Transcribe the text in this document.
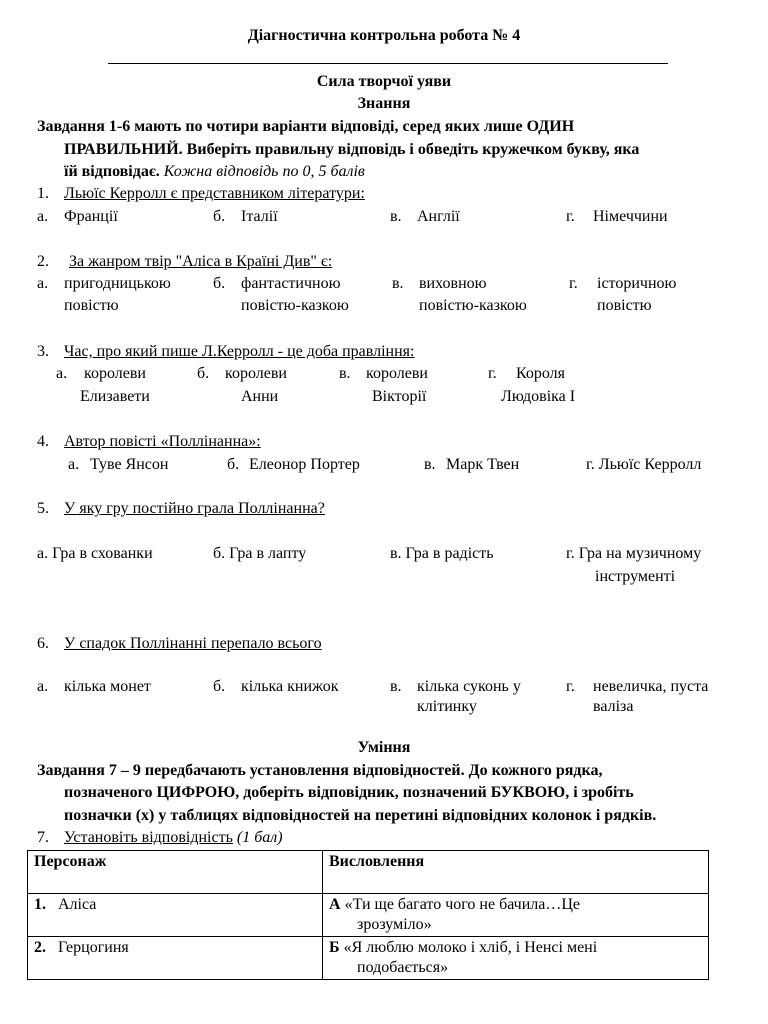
Діагностична контрольна робота № 4
Сила творчої уяви
Знання
Завдання 1-6 мають по чотири варіанти відповіді, серед яких лише ОДИН
ПРАВИЛЬНИЙ. Виберіть правильну відповідь і обведіть кружечком букву, яка
їй відповідає. Кожна відповідь по 0, 5 балів
1. Льюїс Керролл є представником літератури:
а. Франції	б. Італії	в. Англії	г. Німеччини
2. За жанром твір "Аліса в Країні Див" є:
а. пригодницькою
повістю
б. фантастичною
повістю-казкою
в. виховною
повістю-казкою
г. історичною
повістю
3. Час, про який пише Л.Керролл - це доба правління:
а. королеви
Елизавети
б. королеви
Анни
в. королеви
Вікторії
г. Короля
Людовіка І
4. Автор повісті «Поллінанна»:
а. Туве Янсон	б. Елеонор Портер	в. Марк Твен	г. Льюїс Керролл
5. У яку гру постійно грала Поллінанна?
а. Гра в схованки	б. Гра в лапту	в. Гра в радість	г. Гра на музичному
інструменті
6. У спадок Поллінанні перепало всього
а. кілька монет	б. кілька книжок	в. кілька суконь у
клітинку
г. невеличка, пуста
валіза
Уміння
Завдання 7 – 9 передбачають установлення відповідностей. До кожного рядка,
позначеного ЦИФРОЮ, доберіть відповідник, позначений БУКВОЮ, і зробіть
позначки (х) у таблицях відповідностей на перетині відповідних колонок і рядків.
7. Установіть відповідність (1 бал)
Персонаж	Висловлення
1. Аліса	А «Ти ще багато чого не бачила…Це
зрозуміло»

2. Герцогиня	Б «Я люблю молоко і хліб, і Ненсі мені
подобається»
